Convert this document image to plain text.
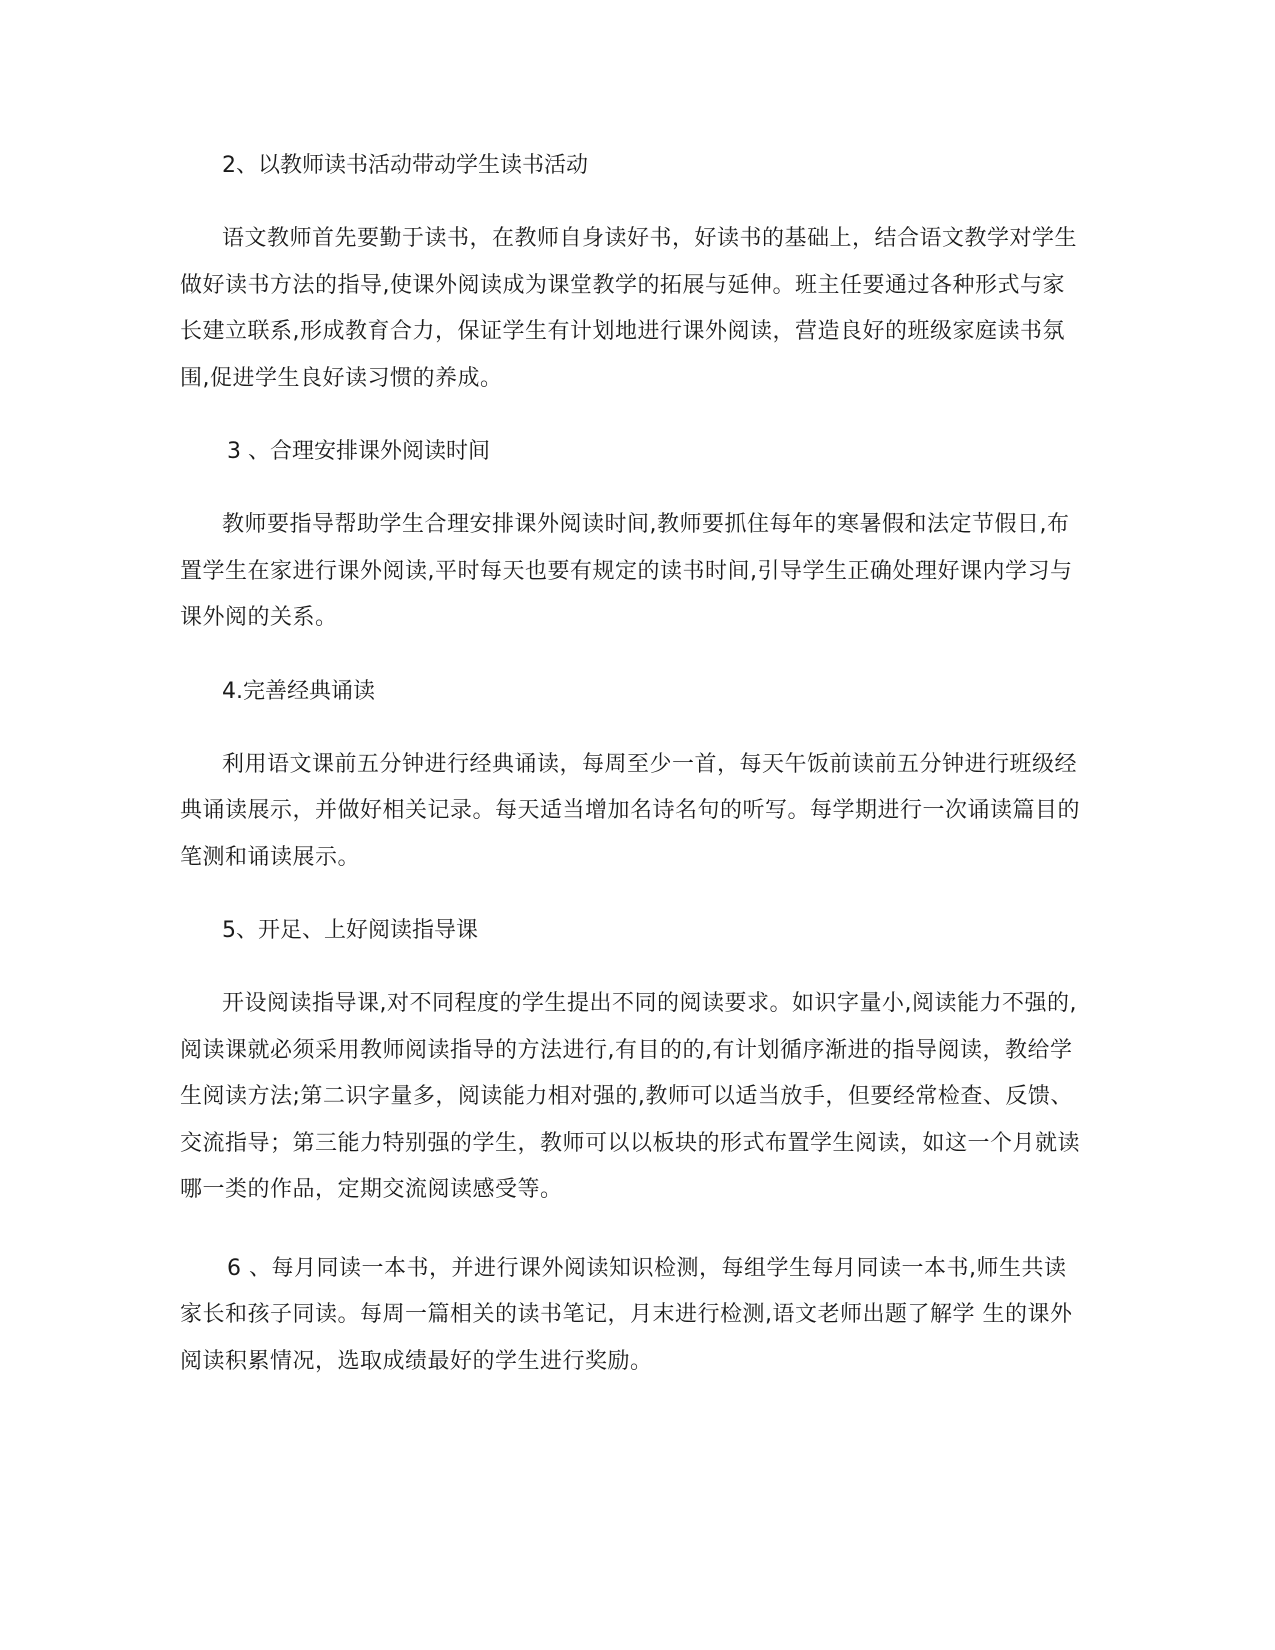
2、以教师读书活动带动学生读书活动

语文教师首先要勤于读书，在教师自身读好书，好读书的基础上，结合语文教学对学生做好读书方法的指导,使课外阅读成为课堂教学的拓展与延伸。班主任要通过各种形式与家长建立联系,形成教育合力，保证学生有计划地进行课外阅读，营造良好的班级家庭读书氛围,促进学生良好读习惯的养成。

3 、合理安排课外阅读时间

教师要指导帮助学生合理安排课外阅读时间,教师要抓住每年的寒暑假和法定节假日,布置学生在家进行课外阅读,平时每天也要有规定的读书时间,引导学生正确处理好课内学习与课外阅的关系。

4.完善经典诵读

利用语文课前五分钟进行经典诵读，每周至少一首，每天午饭前读前五分钟进行班级经典诵读展示，并做好相关记录。每天适当增加名诗名句的听写。每学期进行一次诵读篇目的笔测和诵读展示。

5、开足、上好阅读指导课

开设阅读指导课,对不同程度的学生提出不同的阅读要求。如识字量小,阅读能力不强的,阅读课就必须采用教师阅读指导的方法进行,有目的的,有计划循序渐进的指导阅读，教给学生阅读方法;第二识字量多，阅读能力相对强的,教师可以适当放手，但要经常检查、反馈、交流指导；第三能力特别强的学生，教师可以以板块的形式布置学生阅读，如这一个月就读哪一类的作品，定期交流阅读感受等。

6 、每月同读一本书，并进行课外阅读知识检测，每组学生每月同读一本书,师生共读家长和孩子同读。每周一篇相关的读书笔记，月末进行检测,语文老师出题了解学 生的课外阅读积累情况，选取成绩最好的学生进行奖励。
